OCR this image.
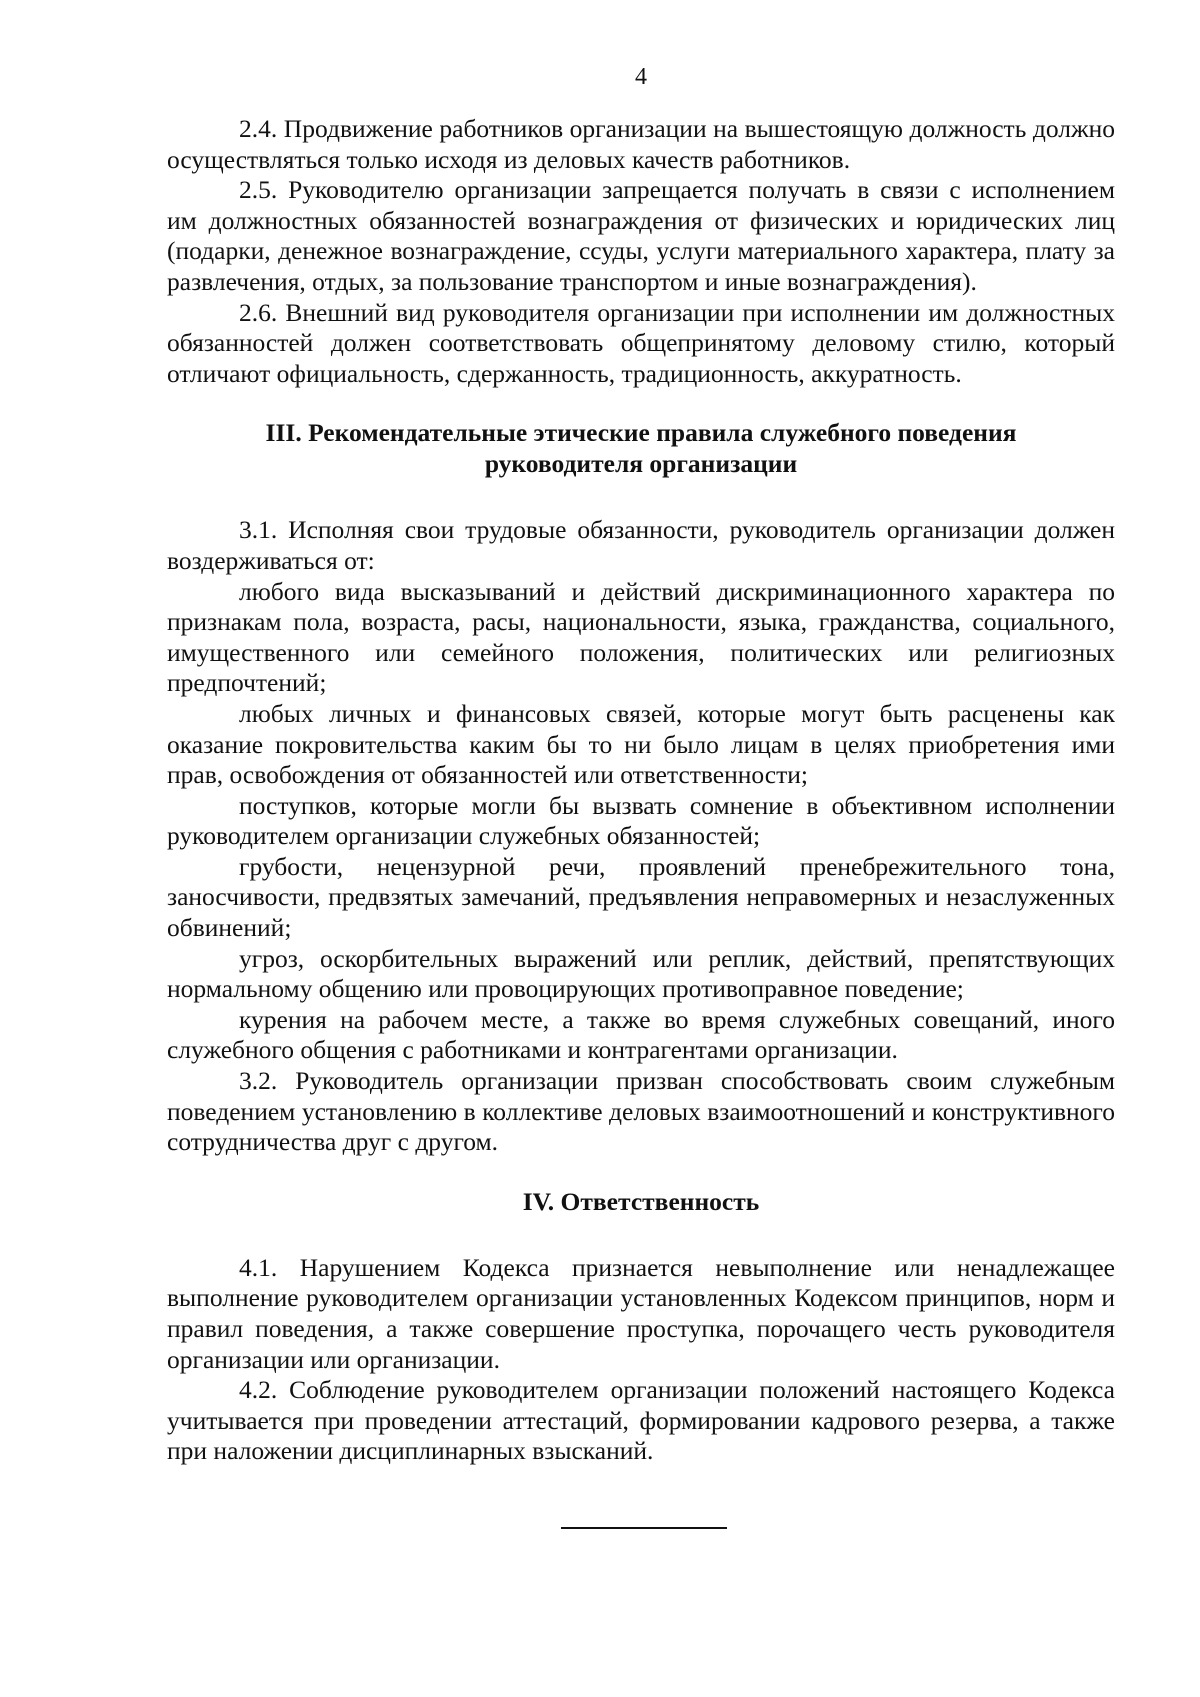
4

2.4. Продвижение работников организации на вышестоящую должность должно осуществляться только исходя из деловых качеств работников.

2.5. Руководителю организации запрещается получать в связи с исполнением им должностных обязанностей вознаграждения от физических и юридических лиц (подарки, денежное вознаграждение, ссуды, услуги материального характера, плату за развлечения, отдых, за пользование транспортом и иные вознаграждения).

2.6. Внешний вид руководителя организации при исполнении им должностных обязанностей должен соответствовать общепринятому деловому стилю, который отличают официальность, сдержанность, традиционность, аккуратность.

III. Рекомендательные этические правила служебного поведения
руководителя организации

3.1. Исполняя свои трудовые обязанности, руководитель организации должен воздерживаться от:

любого вида высказываний и действий дискриминационного характера по признакам пола, возраста, расы, национальности, языка, гражданства, социального, имущественного или семейного положения, политических или религиозных предпочтений;

любых личных и финансовых связей, которые могут быть расценены как оказание покровительства каким бы то ни было лицам в целях приобретения ими прав, освобождения от обязанностей или ответственности;

поступков, которые могли бы вызвать сомнение в объективном исполнении руководителем организации служебных обязанностей;

грубости, нецензурной речи, проявлений пренебрежительного тона, заносчивости, предвзятых замечаний, предъявления неправомерных и незаслуженных обвинений;

угроз, оскорбительных выражений или реплик, действий, препятствующих нормальному общению или провоцирующих противоправное поведение;

курения на рабочем месте, а также во время служебных совещаний, иного служебного общения с работниками и контрагентами организации.

3.2. Руководитель организации призван способствовать своим служебным поведением установлению в коллективе деловых взаимоотношений и конструктивного сотрудничества друг с другом.

IV. Ответственность

4.1. Нарушением Кодекса признается невыполнение или ненадлежащее выполнение руководителем организации установленных Кодексом принципов, норм и правил поведения, а также совершение проступка, порочащего честь руководителя организации или организации.

4.2. Соблюдение руководителем организации положений настоящего Кодекса учитывается при проведении аттестаций, формировании кадрового резерва, а также при наложении дисциплинарных взысканий.
